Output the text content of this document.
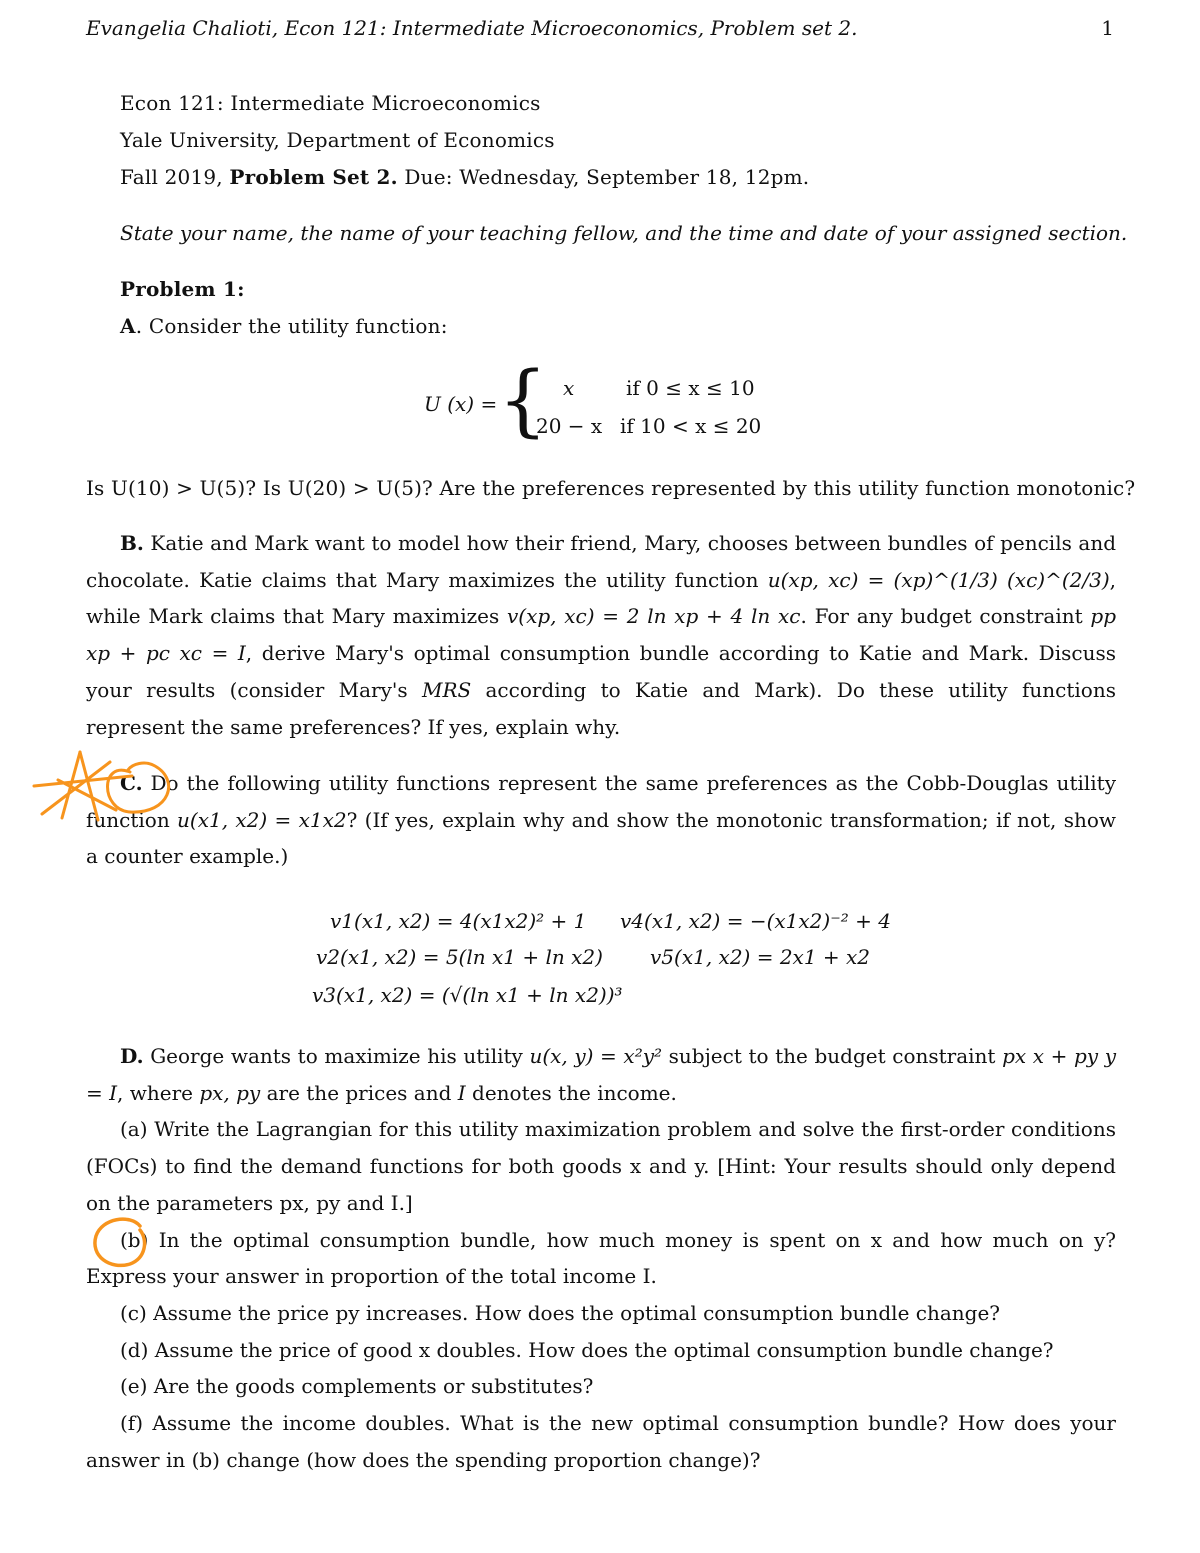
Evangelia Chalioti, Econ 121: Intermediate Microeconomics, Problem set 2.	1
Econ 121: Intermediate Microeconomics
Yale University, Department of Economics
Fall 2019, Problem Set 2. Due: Wednesday, September 18, 12pm.
State your name, the name of your teaching fellow, and the time and date of your assigned section.
Problem 1:
A. Consider the utility function:
U (x) = { x	if 0 ≤ x ≤ 10
20 − x if 10 < x ≤ 20
Is U(10) > U(5)? Is U(20) > U(5)? Are the preferences represented by this utility function monotonic?

B. Katie and Mark want to model how their friend, Mary, chooses between bundles of pencils and chocolate. Katie claims that Mary maximizes the utility function u(xp, xc) = (xp)^(1/3) (xc)^(2/3), while Mark claims that Mary maximizes v(xp, xc) = 2 ln xp + 4 ln xc. For any budget constraint pp xp + pc xc = I, derive Mary's optimal consumption bundle according to Katie and Mark. Discuss your results (consider Mary's MRS according to Katie and Mark). Do these utility functions represent the same preferences? If yes, explain why.

C. Do the following utility functions represent the same preferences as the Cobb-Douglas utility function u(x1, x2) = x1x2? (If yes, explain why and show the monotonic transformation; if not, show a counter example.)

v1(x1, x2) = 4(x1x2)² + 1
v2(x1, x2) = 5(ln x1 + ln x2)
v3(x1, x2) = (√(ln x1 + ln x2))³
v4(x1, x2) = −(x1x2)⁻² + 4
v5(x1, x2) = 2x1 + x2

D. George wants to maximize his utility u(x, y) = x²y² subject to the budget constraint px x + py y = I, where px, py are the prices and I denotes the income.

(a) Write the Lagrangian for this utility maximization problem and solve the first-order conditions (FOCs) to find the demand functions for both goods x and y. [Hint: Your results should only depend on the parameters px, py and I.]

(b) In the optimal consumption bundle, how much money is spent on x and how much on y? Express your answer in proportion of the total income I.

(c) Assume the price py increases. How does the optimal consumption bundle change?

(d) Assume the price of good x doubles. How does the optimal consumption bundle change?

(e) Are the goods complements or substitutes?

(f) Assume the income doubles. What is the new optimal consumption bundle? How does your answer in (b) change (how does the spending proportion change)?
